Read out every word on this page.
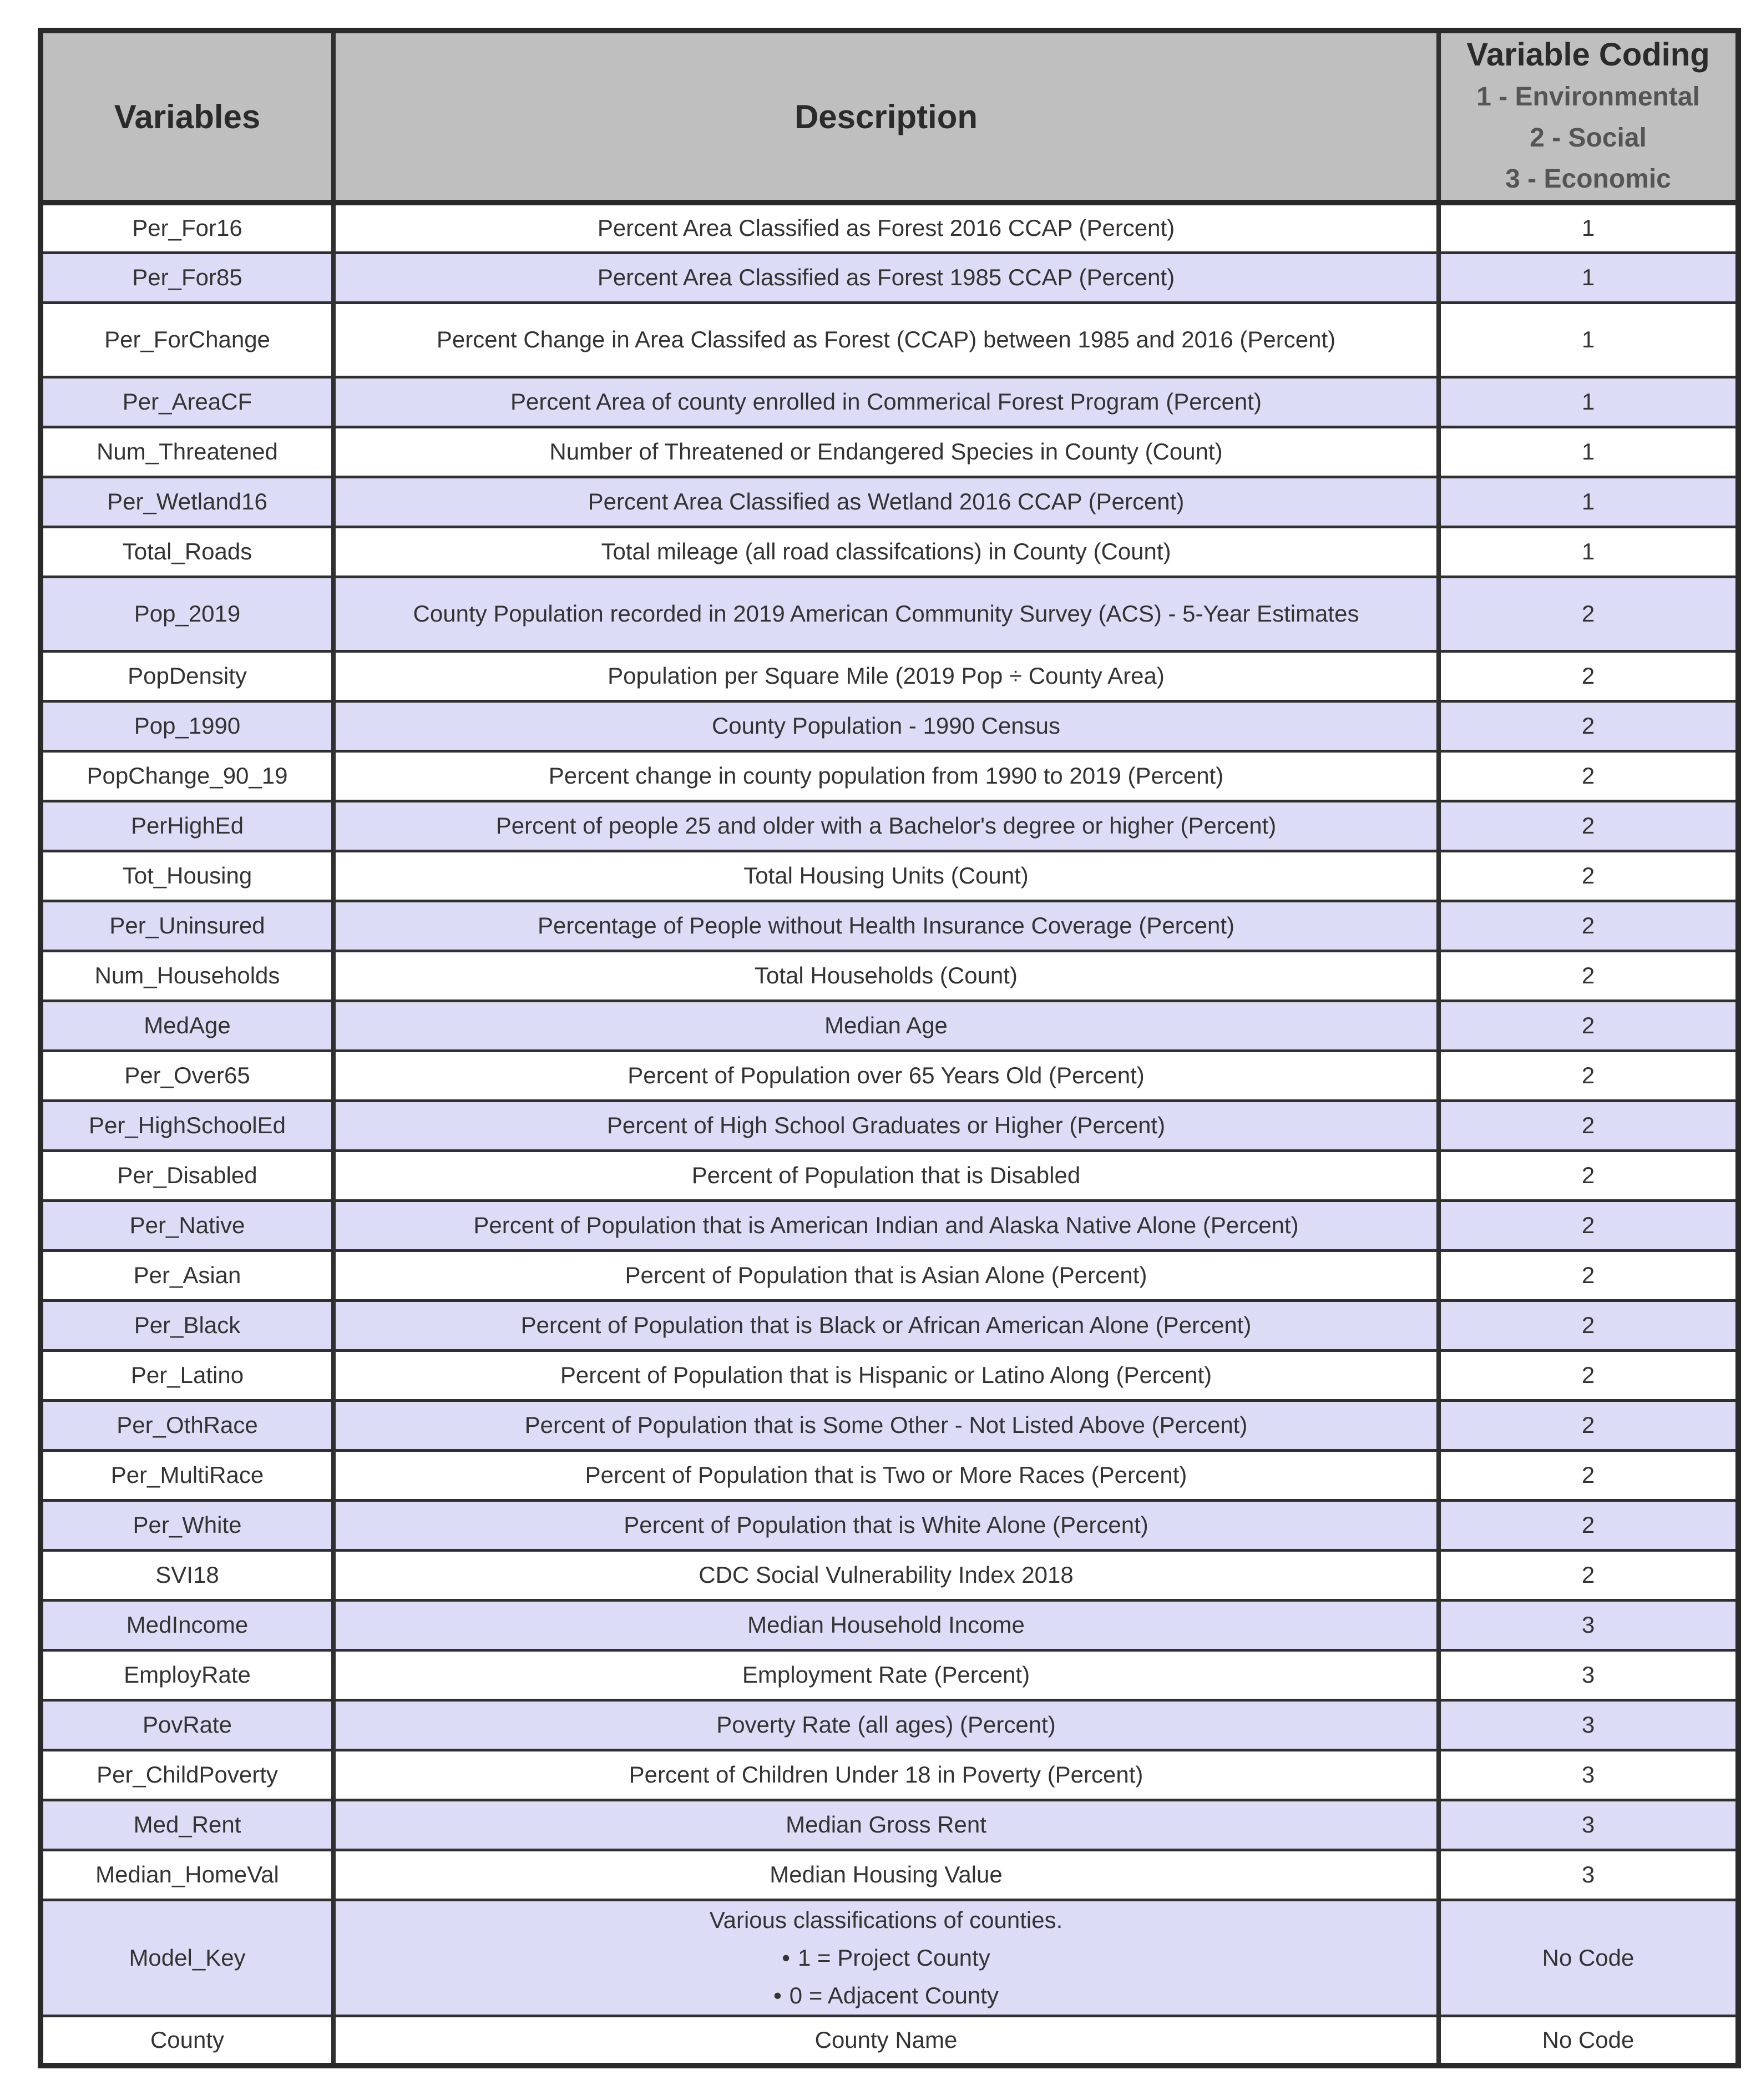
Variables	Description	Variable Coding
1 - Environmental
2 - Social
3 - Economic

Per_For16	Percent Area Classified as Forest 2016 CCAP (Percent)	1
Per_For85	Percent Area Classified as Forest 1985 CCAP (Percent)	1
Per_ForChange	Percent Change in Area Classifed as Forest (CCAP) between 1985 and 2016 (Percent)	1
Per_AreaCF	Percent Area of county enrolled in Commerical Forest Program (Percent)	1
Num_Threatened	Number of Threatened or Endangered Species in County (Count)	1
Per_Wetland16	Percent Area Classified as Wetland 2016 CCAP (Percent)	1
Total_Roads	Total mileage (all road classifcations) in County (Count)	1
Pop_2019	County Population recorded in 2019 American Community Survey (ACS) - 5-Year Estimates	2
PopDensity	Population per Square Mile (2019 Pop ÷ County Area)	2
Pop_1990	County Population - 1990 Census	2
PopChange_90_19	Percent change in county population from 1990 to 2019 (Percent)	2
PerHighEd	Percent of people 25 and older with a Bachelor's degree or higher (Percent)	2
Tot_Housing	Total Housing Units (Count)	2
Per_Uninsured	Percentage of People without Health Insurance Coverage (Percent)	2
Num_Households	Total Households (Count)	2
MedAge	Median Age	2
Per_Over65	Percent of Population over 65 Years Old (Percent)	2
Per_HighSchoolEd	Percent of High School Graduates or Higher (Percent)	2
Per_Disabled	Percent of Population that is Disabled	2
Per_Native	Percent of Population that is American Indian and Alaska Native Alone (Percent)	2
Per_Asian	Percent of Population that is Asian Alone (Percent)	2
Per_Black	Percent of Population that is Black or African American Alone (Percent)	2
Per_Latino	Percent of Population that is Hispanic or Latino Along (Percent)	2
Per_OthRace	Percent of Population that is Some Other - Not Listed Above (Percent)	2
Per_MultiRace	Percent of Population that is Two or More Races (Percent)	2
Per_White	Percent of Population that is White Alone (Percent)	2
SVI18	CDC Social Vulnerability Index 2018	2
MedIncome	Median Household Income	3
EmployRate	Employment Rate (Percent)	3
PovRate	Poverty Rate (all ages) (Percent)	3
Per_ChildPoverty	Percent of Children Under 18 in Poverty (Percent)	3
Med_Rent	Median Gross Rent	3
Median_HomeVal	Median Housing Value	3
Model_Key	Various classifications of counties.
• 1 = Project County
• 0 = Adjacent County	No Code
County	County Name	No Code
